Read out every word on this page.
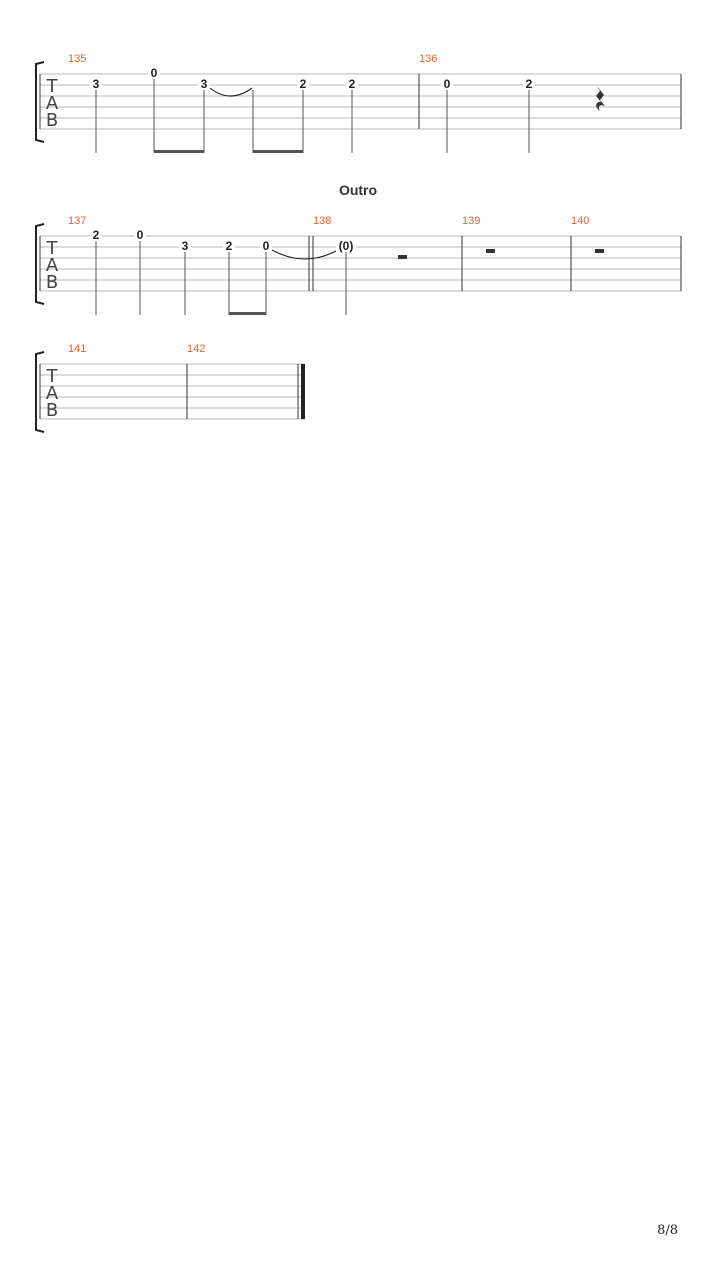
T
A
B
135	136
3
0
3	2	2	0	2
Outro
T
A
B
137	138	139	140
2	0
3	2	0	(0)
T
A
B
141	142
8/8
